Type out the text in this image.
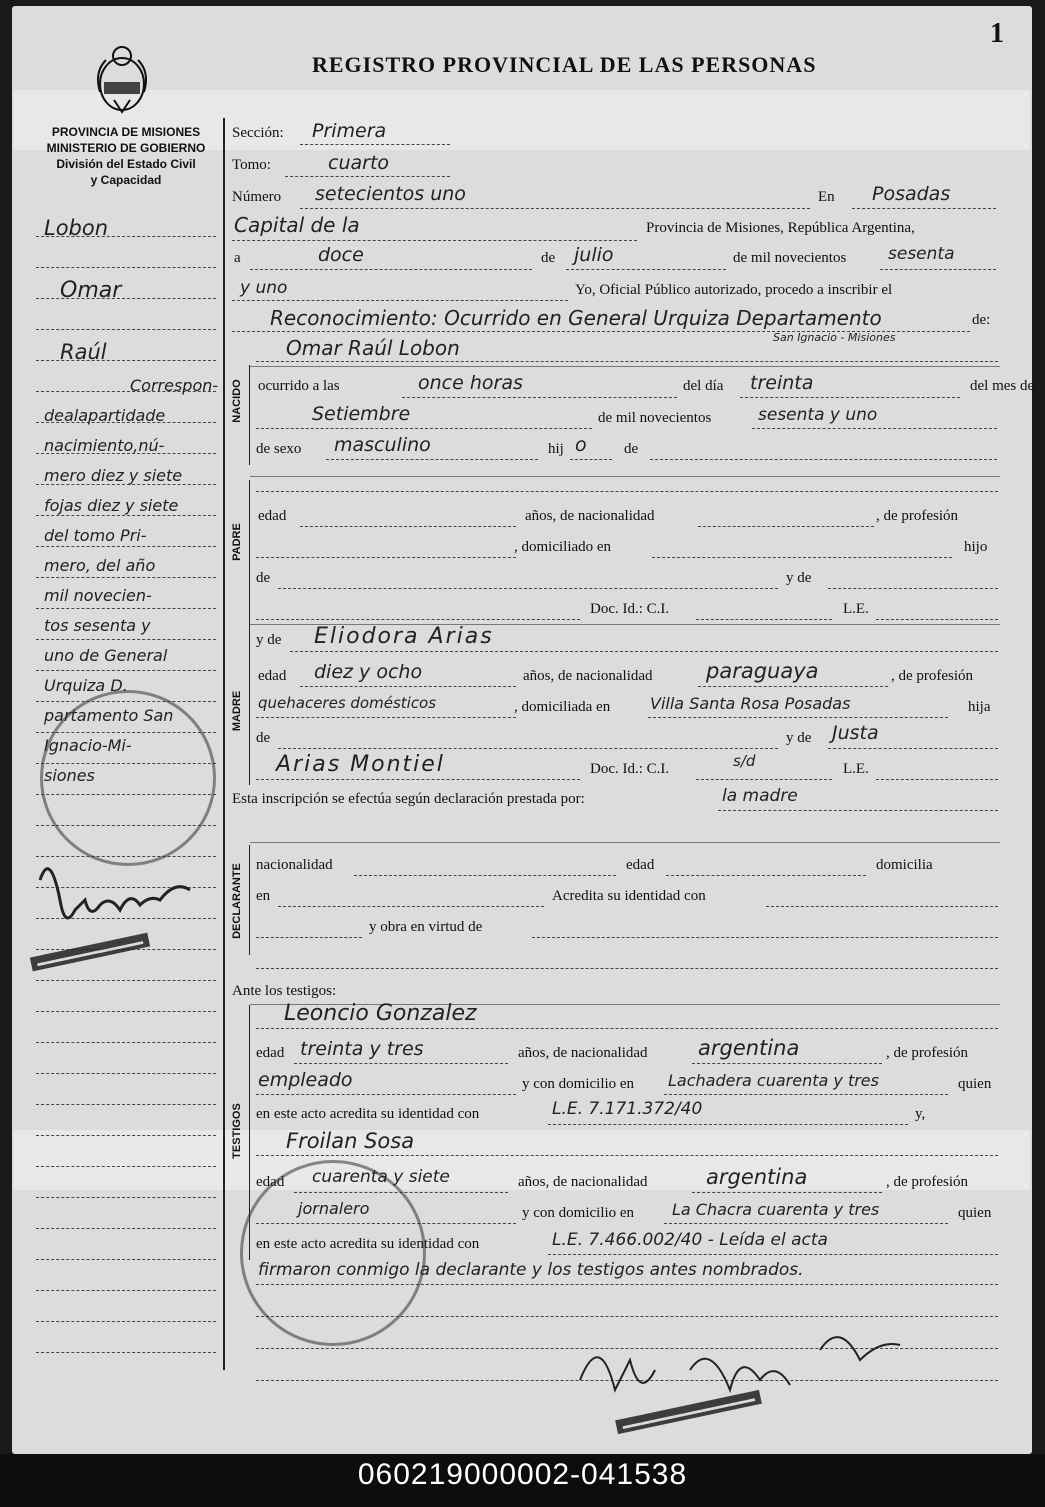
1
REGISTRO PROVINCIAL DE LAS PERSONAS
PROVINCIA DE MISIONES
MINISTERIO DE GOBIERNO
División del Estado Civil
y Capacidad
NACIDO
PADRE
MADRE
DECLARANTE
TESTIGOS
Lobon
Omar
Raúl
Correspon-
dealapartidade
nacimiento,nú-
mero diez y siete
fojas diez y siete
del tomo Pri-
mero, del año
mil novecien-
tos sesenta y
uno de General
Urquiza D.
partamento San
Ignacio-Mi-
siones
Sección: Primera
Tomo:	cuarto
Número setecientos uno	En Posadas
Capital de la	Provincia de Misiones, República Argentina,
a	doce	de julio	de mil novecientos sesenta
y uno	Yo, Oficial Público autorizado, procedo a inscribir el
Reconocimiento: Ocurrido en General Urquiza Departamento
San Ignacio - Misiones
de:
Omar Raúl Lobon
ocurrido a las	once horas	del día treinta	del mes de
Setiembre	de mil novecientos	sesenta y uno
de sexo masculino	hij o de
edad	años, de nacionalidad	, de profesión
, domiciliado en	hijo
de	y de
Doc. Id.: C.I.	L.E.
y de Eliodora Arias
edad diez y ocho	años, de nacionalidad	paraguaya	, de profesión
quehaceres domésticos	, domiciliada en Villa Santa Rosa Posadas	hija
de	y de Justa
Arias Montiel	Doc. Id.: C.I.	s/d	L.E.
Esta inscripción se efectúa según declaración prestada por:	la madre
nacionalidad	edad	domicilia
en	Acredita su identidad con
y obra en virtud de
Ante los testigos:
Leoncio Gonzalez
edad treinta y tres	años, de nacionalidad argentina	, de profesión
empleado	y con domicilio en Lachadera cuarenta y tres	quien
en este acto acredita su identidad con	L.E. 7.171.372/40	y,
Froilan Sosa
edad cuarenta y siete	años, de nacionalidad	argentina	, de profesión
jornalero	y con domicilio en La Chacra cuarenta y tres	quien
en este acto acredita su identidad con	L.E. 7.466.002/40 - Leída el acta
firmaron conmigo la declarante y los testigos antes nombrados.
▬▬▬▬▬▬▬▬▬▬▬▬
▬▬▬▬▬▬▬▬▬▬▬▬▬▬▬
060219000002-041538
